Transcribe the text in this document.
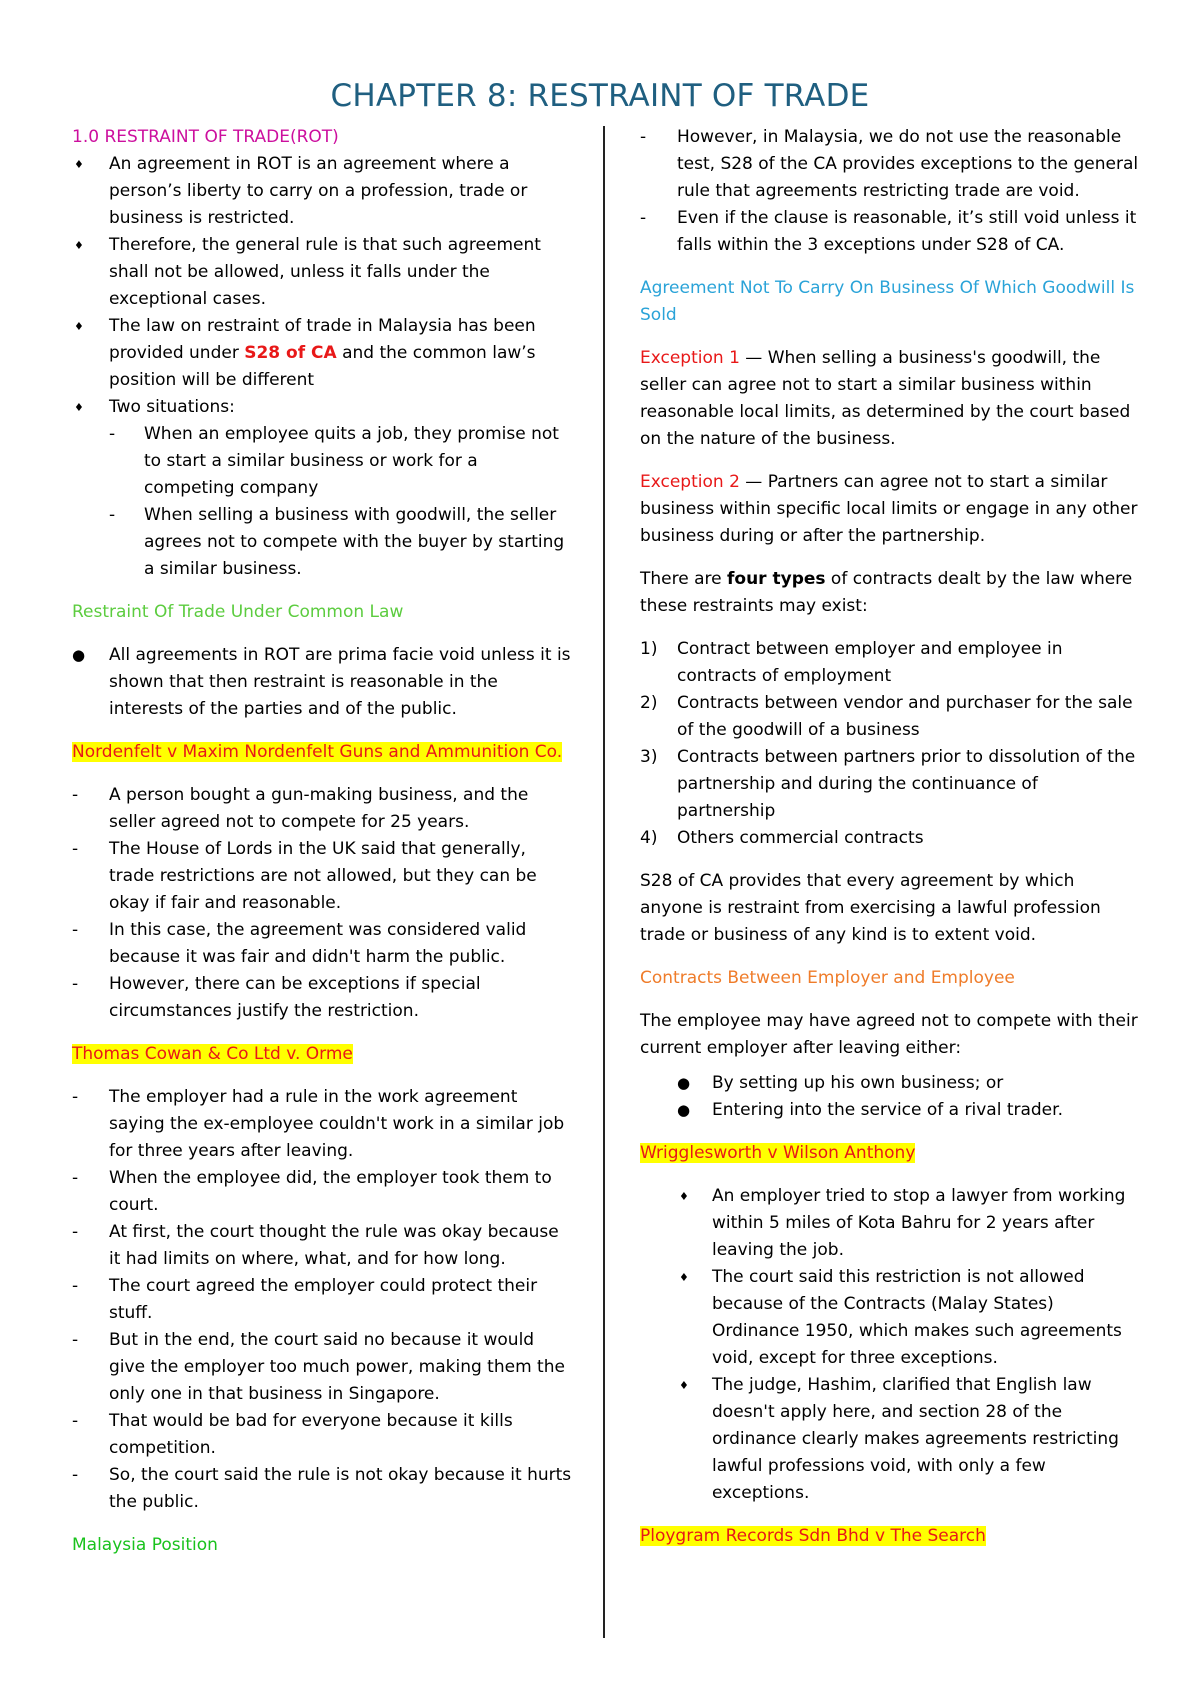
CHAPTER 8: RESTRAINT OF TRADE
1.0 RESTRAINT OF TRADE(ROT)
♦ An agreement in ROT is an agreement where a person’s liberty to carry on a profession, trade or business is restricted.
♦ Therefore, the general rule is that such agreement shall not be allowed, unless it falls under the exceptional cases.
♦ The law on restraint of trade in Malaysia has been provided under S28 of CA and the common law’s position will be different
♦ Two situations:
-	When an employee quits a job, they promise not to start a similar business or work for a competing company
-	When selling a business with goodwill, the seller agrees not to compete with the buyer by starting a similar business.

Restraint Of Trade Under Common Law

● All agreements in ROT are prima facie void unless it is shown that then restraint is reasonable in the interests of the parties and of the public.

Nordenfelt v Maxim Nordenfelt Guns and Ammunition Co.

-	A person bought a gun-making business, and the seller agreed not to compete for 25 years.
-	The House of Lords in the UK said that generally, trade restrictions are not allowed, but they can be okay if fair and reasonable.
-	In this case, the agreement was considered valid because it was fair and didn't harm the public.
-	However, there can be exceptions if special circumstances justify the restriction.

Thomas Cowan & Co Ltd v. Orme

-	The employer had a rule in the work agreement saying the ex-employee couldn't work in a similar job for three years after leaving.
-	When the employee did, the employer took them to court.
-	At first, the court thought the rule was okay because it had limits on where, what, and for how long.
-	The court agreed the employer could protect their stuff.
-	But in the end, the court said no because it would give the employer too much power, making them the only one in that business in Singapore.
-	That would be bad for everyone because it kills competition.
-	So, the court said the rule is not okay because it hurts the public.

Malaysia Position

-	However, in Malaysia, we do not use the reasonable test, S28 of the CA provides exceptions to the general rule that agreements restricting trade are void.
-	Even if the clause is reasonable, it’s still void unless it falls within the 3 exceptions under S28 of CA.

Agreement Not To Carry On Business Of Which Goodwill Is Sold

Exception 1 — When selling a business's goodwill, the seller can agree not to start a similar business within reasonable local limits, as determined by the court based on the nature of the business.

Exception 2 — Partners can agree not to start a similar business within specific local limits or engage in any other business during or after the partnership.

There are four types of contracts dealt by the law where these restraints may exist:

1)	Contract between employer and employee in contracts of employment
2)	Contracts between vendor and purchaser for the sale of the goodwill of a business
3)	Contracts between partners prior to dissolution of the partnership and during the continuance of partnership
4)	Others commercial contracts

S28 of CA provides that every agreement by which anyone is restraint from exercising a lawful profession trade or business of any kind is to extent void.

Contracts Between Employer and Employee

The employee may have agreed not to compete with their current employer after leaving either:

● By setting up his own business; or
● Entering into the service of a rival trader.

Wrigglesworth v Wilson Anthony

♦ An employer tried to stop a lawyer from working within 5 miles of Kota Bahru for 2 years after leaving the job.
♦ The court said this restriction is not allowed because of the Contracts (Malay States) Ordinance 1950, which makes such agreements void, except for three exceptions.
♦ The judge, Hashim, clarified that English law doesn't apply here, and section 28 of the ordinance clearly makes agreements restricting lawful professions void, with only a few exceptions.

Ploygram Records Sdn Bhd v The Search
